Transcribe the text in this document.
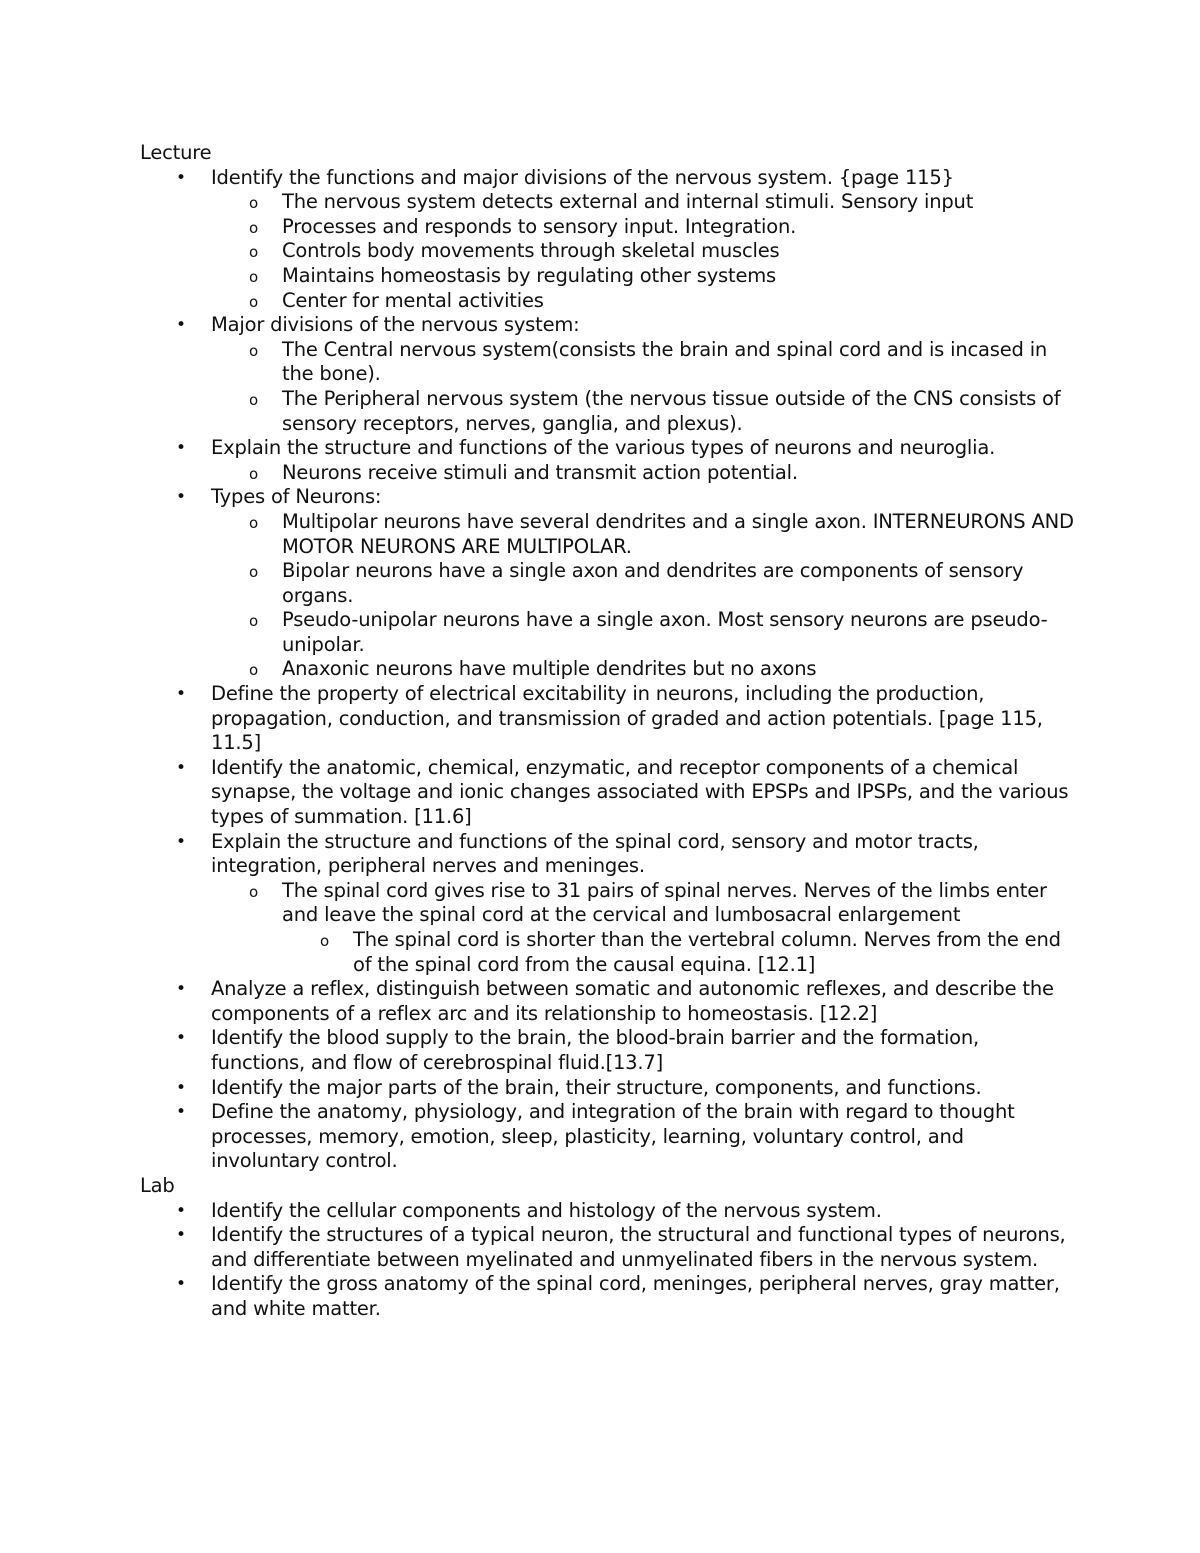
Lecture
• Identify the functions and major divisions of the nervous system. {page 115}
o The nervous system detects external and internal stimuli. Sensory input
o Processes and responds to sensory input. Integration.
o Controls body movements through skeletal muscles
o Maintains homeostasis by regulating other systems
o Center for mental activities
• Major divisions of the nervous system:
o The Central nervous system(consists the brain and spinal cord and is incased in the bone).
o The Peripheral nervous system (the nervous tissue outside of the CNS consists of sensory receptors, nerves, ganglia, and plexus).
• Explain the structure and functions of the various types of neurons and neuroglia.
o Neurons receive stimuli and transmit action potential.
• Types of Neurons:
o Multipolar neurons have several dendrites and a single axon. INTERNEURONS AND MOTOR NEURONS ARE MULTIPOLAR.
o Bipolar neurons have a single axon and dendrites are components of sensory organs.
o Pseudo-unipolar neurons have a single axon. Most sensory neurons are pseudo-unipolar.
o Anaxonic neurons have multiple dendrites but no axons
• Define the property of electrical excitability in neurons, including the production, propagation, conduction, and transmission of graded and action potentials. [page 115, 11.5]
• Identify the anatomic, chemical, enzymatic, and receptor components of a chemical synapse, the voltage and ionic changes associated with EPSPs and IPSPs, and the various types of summation. [11.6]
• Explain the structure and functions of the spinal cord, sensory and motor tracts, integration, peripheral nerves and meninges.
o The spinal cord gives rise to 31 pairs of spinal nerves. Nerves of the limbs enter and leave the spinal cord at the cervical and lumbosacral enlargement
o The spinal cord is shorter than the vertebral column. Nerves from the end of the spinal cord from the causal equina. [12.1]
• Analyze a reflex, distinguish between somatic and autonomic reflexes, and describe the components of a reflex arc and its relationship to homeostasis. [12.2]
• Identify the blood supply to the brain, the blood-brain barrier and the formation, functions, and flow of cerebrospinal fluid.[13.7]
• Identify the major parts of the brain, their structure, components, and functions.
• Define the anatomy, physiology, and integration of the brain with regard to thought processes, memory, emotion, sleep, plasticity, learning, voluntary control, and involuntary control.
Lab
• Identify the cellular components and histology of the nervous system.
• Identify the structures of a typical neuron, the structural and functional types of neurons, and differentiate between myelinated and unmyelinated fibers in the nervous system.
• Identify the gross anatomy of the spinal cord, meninges, peripheral nerves, gray matter, and white matter.
